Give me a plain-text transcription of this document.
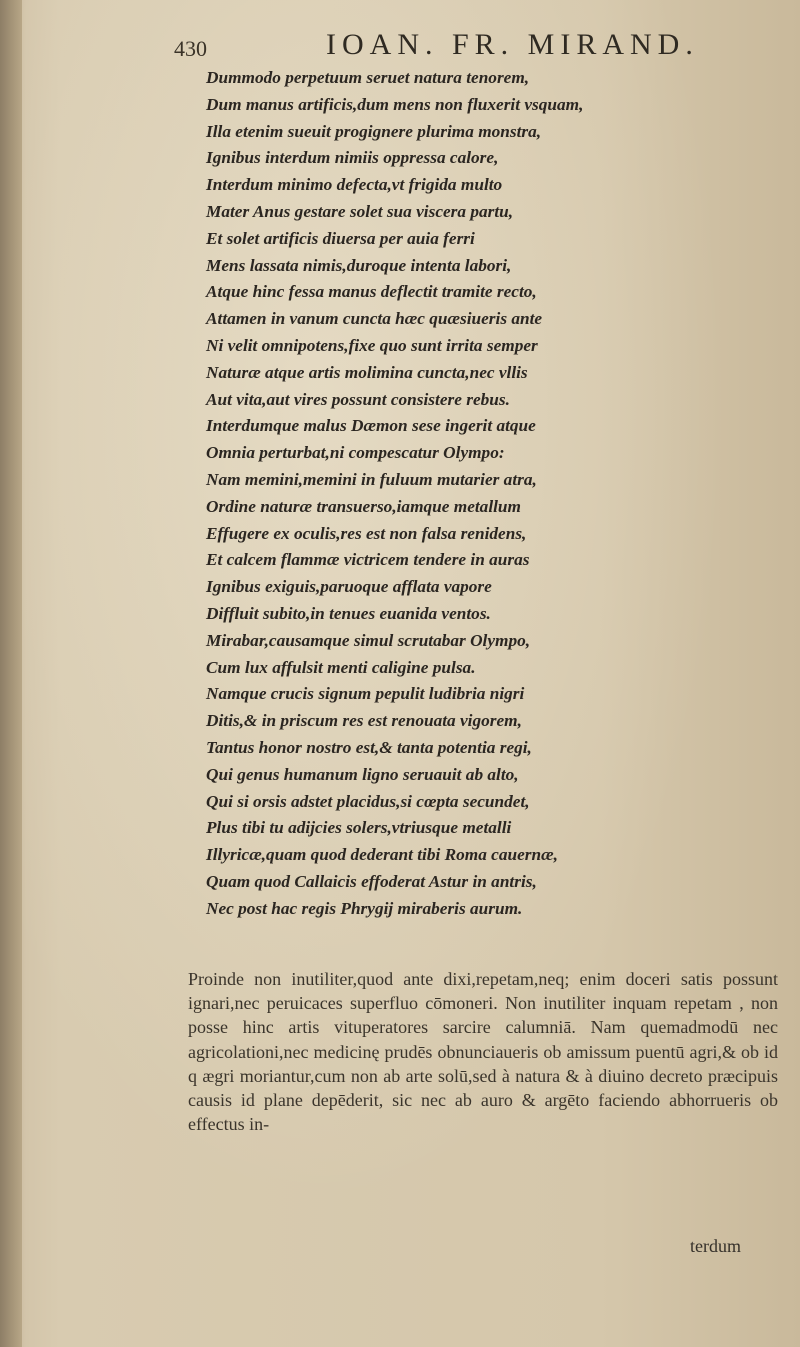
430	IOAN. FR. MIRAND.
Dummodo perpetuum seruet natura tenorem,
Dum manus artificis,dum mens non fluxerit vsquam,
Illa etenim sueuit progignere plurima monstra,
Ignibus interdum nimiis oppressa calore,
Interdum minimo defecta,vt frigida multo
Mater Anus gestare solet sua viscera partu,
Et solet artificis diuersa per auia ferri
Mens lassata nimis,duroque intenta labori,
Atque hinc fessa manus deflectit tramite recto,
Attamen in vanum cuncta hæc quæsiueris ante
Ni velit omnipotens,fixe quo sunt irrita semper
Naturæ atque artis molimina cuncta,nec vllis
Aut vita,aut vires possunt consistere rebus.
Interdumque malus Dæmon sese ingerit atque
Omnia perturbat,ni compescatur Olympo:
Nam memini,memini in fuluum mutarier atra,
Ordine naturæ transuerso,iamque metallum
Effugere ex oculis,res est non falsa renidens,
Et calcem flammæ victricem tendere in auras
Ignibus exiguis,paruoque afflata vapore
Diffluit subito,in tenues euanida ventos.
Mirabar,causamque simul scrutabar Olympo,
Cum lux affulsit menti caligine pulsa.
Namque crucis signum pepulit ludibria nigri
Ditis,& in priscum res est renouata vigorem,
Tantus honor nostro est,& tanta potentia regi,
Qui genus humanum ligno seruauit ab alto,
Qui si orsis adstet placidus,si cœpta secundet,
Plus tibi tu adijcies solers,vtriusque metalli
Illyricæ,quam quod dederant tibi Roma cauernæ,
Quam quod Callaicis effoderat Astur in antris,
Nec post hac regis Phrygij miraberis aurum.
Proinde non inutiliter,quod ante dixi,repetam,neq; enim doceri satis possunt ignari,nec peruicaces superfluo cōmoneri. Non inutiliter inquam repetam , non posse hinc artis vituperatores sarcire calumniā. Nam quemadmodū nec agricolationi,nec medicinę prudēs obnunciaueris ob amissum puentū agri,& ob id q ægri moriantur,cum non ab arte solū,sed à natura & à diuino decreto præcipuis causis id plane depēderit, sic nec ab auro & argēto faciendo abhorrueris ob effectus in-
terdum
